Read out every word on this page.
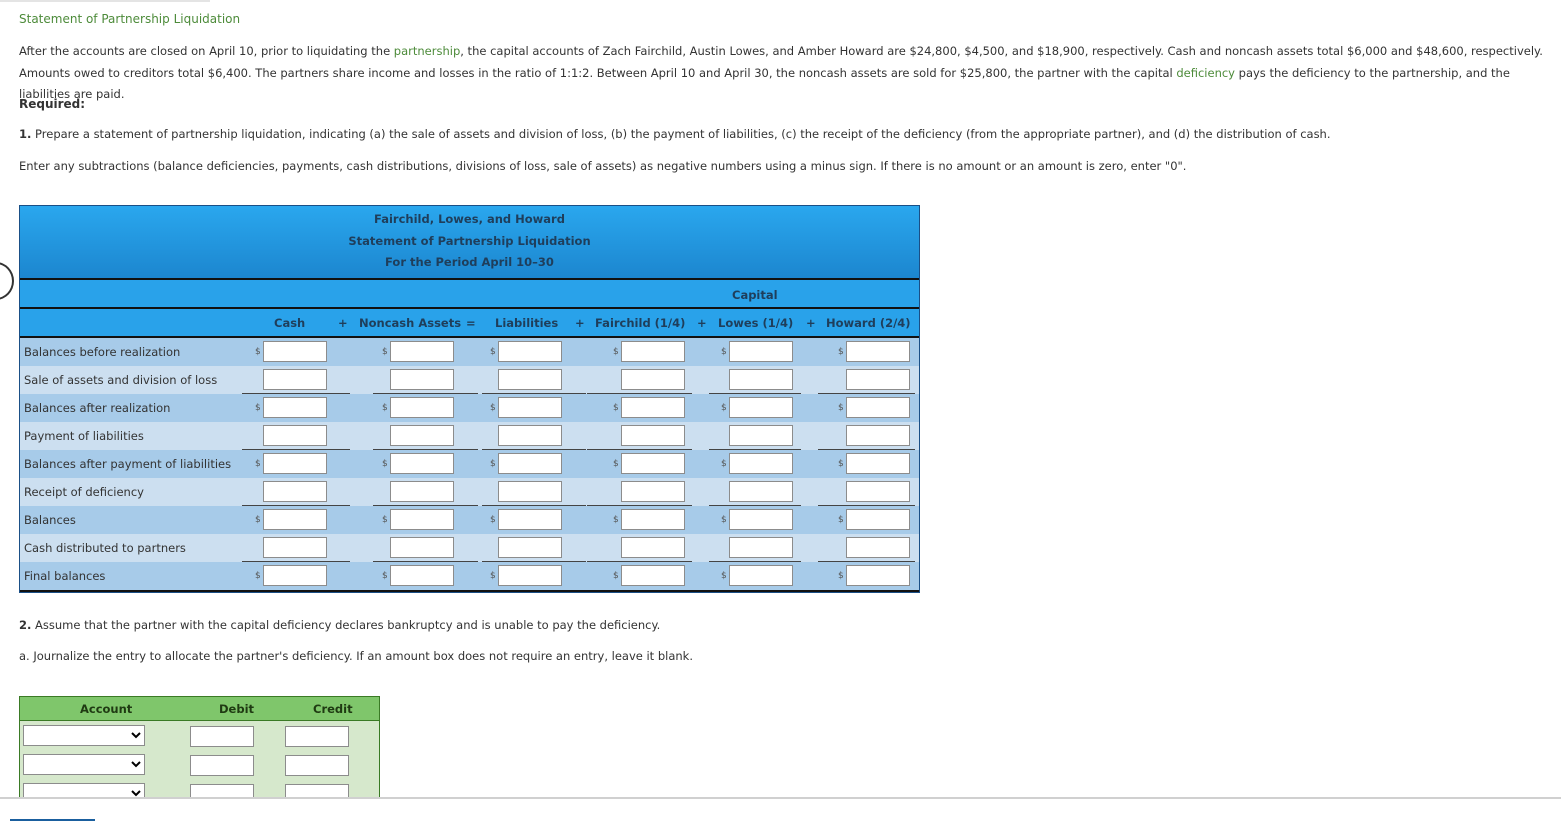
Statement of Partnership Liquidation
After the accounts are closed on April 10, prior to liquidating the partnership, the capital accounts of Zach Fairchild, Austin Lowes, and Amber Howard are $24,800, $4,500, and $18,900, respectively. Cash and noncash assets total $6,000 and $48,600, respectively. Amounts owed to creditors total $6,400. The partners share income and losses in the ratio of 1:1:2. Between April 10 and April 30, the noncash assets are sold for $25,800, the partner with the capital deficiency pays the deficiency to the partnership, and the liabilities are paid.
Required:
1. Prepare a statement of partnership liquidation, indicating (a) the sale of assets and division of loss, (b) the payment of liabilities, (c) the receipt of the deficiency (from the appropriate partner), and (d) the distribution of cash.
Enter any subtractions (balance deficiencies, payments, cash distributions, divisions of loss, sale of assets) as negative numbers using a minus sign. If there is no amount or an amount is zero, enter "0".
Fairchild, Lowes, and Howard
Statement of Partnership Liquidation
For the Period April 10–30
Capital
Cash	+ Noncash Assets = Liabilities + Fairchild (1/4) + Lowes (1/4) + Howard (2/4)
Balances before realization	$	$	$	$	$	$
Sale of assets and division of loss
Balances after realization	$	$	$	$	$	$
Payment of liabilities
Balances after payment of liabilities	$	$	$	$	$	$
Receipt of deficiency
Balances	$	$	$	$	$	$
Cash distributed to partners
Final balances	$	$	$	$	$	$
2. Assume that the partner with the capital deficiency declares bankruptcy and is unable to pay the deficiency.
a. Journalize the entry to allocate the partner's deficiency. If an amount box does not require an entry, leave it blank.
Account	Debit	Credit
